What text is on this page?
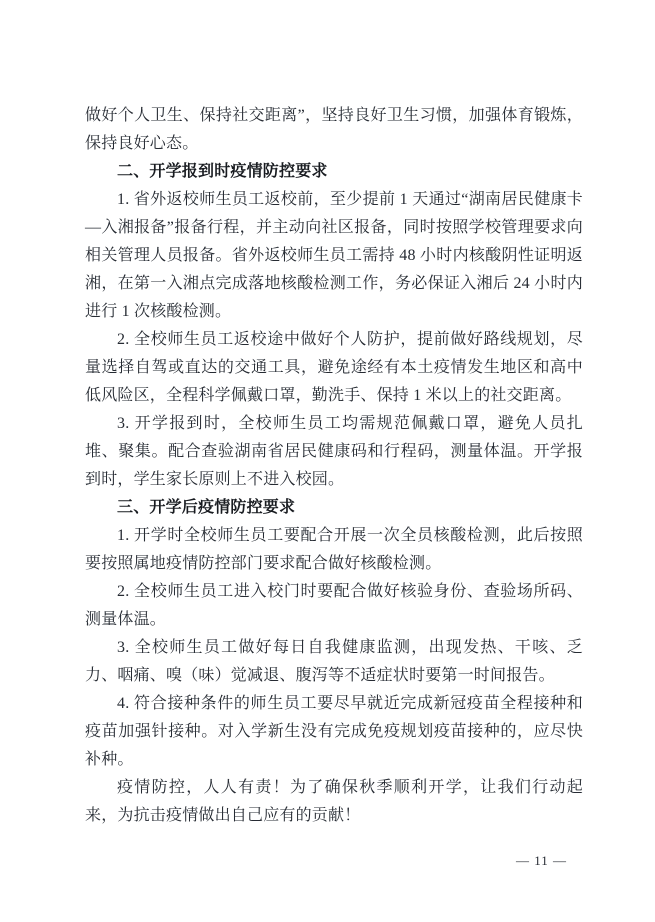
做好个人卫生、保持社交距离”，坚持良好卫生习惯，加强体育锻炼，保持良好心态。

二、开学报到时疫情防控要求

1. 省外返校师生员工返校前，至少提前 1 天通过“湖南居民健康卡—入湘报备”报备行程，并主动向社区报备，同时按照学校管理要求向相关管理人员报备。省外返校师生员工需持 48 小时内核酸阴性证明返湘，在第一入湘点完成落地核酸检测工作，务必保证入湘后 24 小时内进行 1 次核酸检测。

2. 全校师生员工返校途中做好个人防护，提前做好路线规划，尽量选择自驾或直达的交通工具，避免途经有本土疫情发生地区和高中低风险区，全程科学佩戴口罩，勤洗手、保持 1 米以上的社交距离。

3. 开学报到时，全校师生员工均需规范佩戴口罩，避免人员扎堆、聚集。配合查验湖南省居民健康码和行程码，测量体温。开学报到时，学生家长原则上不进入校园。

三、开学后疫情防控要求

1. 开学时全校师生员工要配合开展一次全员核酸检测，此后按照要按照属地疫情防控部门要求配合做好核酸检测。

2. 全校师生员工进入校门时要配合做好核验身份、查验场所码、测量体温。

3. 全校师生员工做好每日自我健康监测，出现发热、干咳、乏力、咽痛、嗅（味）觉减退、腹泻等不适症状时要第一时间报告。

4. 符合接种条件的师生员工要尽早就近完成新冠疫苗全程接种和疫苗加强针接种。对入学新生没有完成免疫规划疫苗接种的，应尽快补种。

疫情防控，人人有责！为了确保秋季顺利开学，让我们行动起来，为抗击疫情做出自己应有的贡献！

— 11 —
